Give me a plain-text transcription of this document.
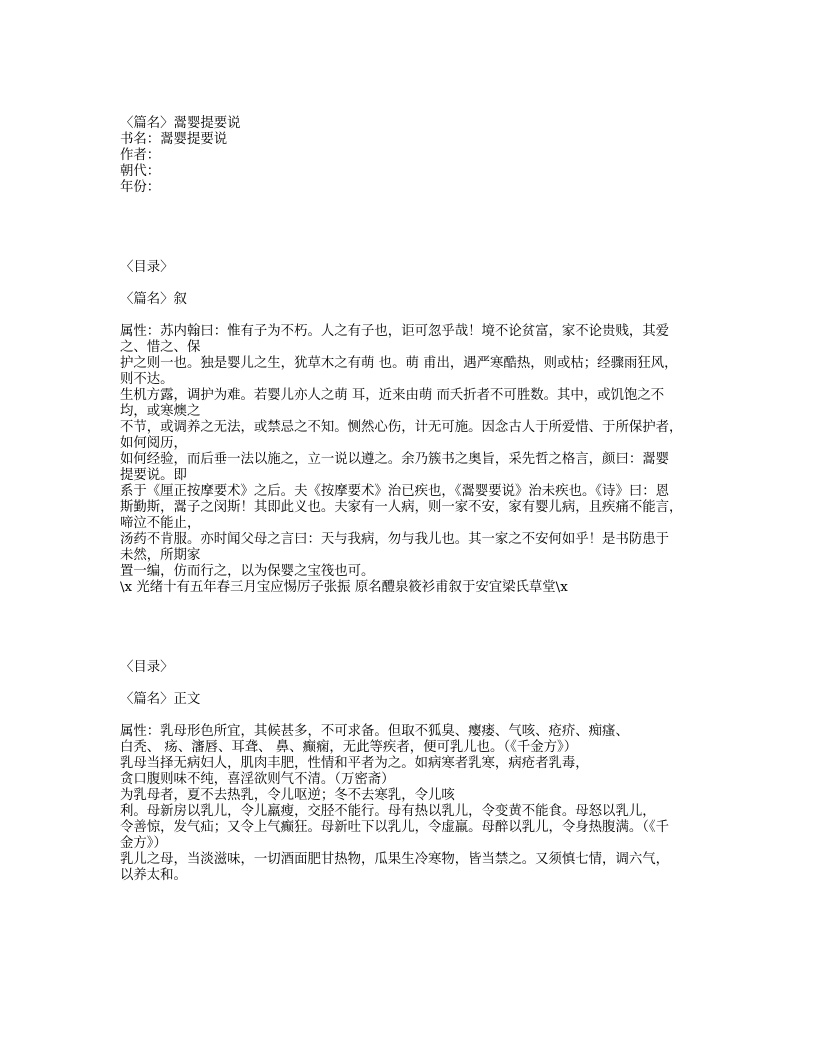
〈篇名〉翯婴提要说
书名：翯婴提要说
作者：
朝代：
年份：
〈目录〉
〈篇名〉叙
属性：苏内翰曰：惟有子为不朽。人之有子也，讵可忽乎哉！境不论贫富，家不论贵贱，其爱
之、惜之、保
护之则一也。独是婴儿之生，犹草木之有萌 也。萌 甫出，遇严寒酷热，则或枯；经骤雨狂风，
则不达。
生机方露，调护为难。若婴儿亦人之萌 耳，近来由萌 而夭折者不可胜数。其中，或饥饱之不
均，或寒燠之
不节，或调养之无法，或禁忌之不知。恻然心伤，计无可施。因念古人于所爱惜、于所保护者，
如何阅历，
如何经验，而后垂一法以施之，立一说以遵之。余乃簇书之奥旨，采先哲之格言，颜曰：翯婴
提要说。即
系于《厘正按摩要术》之后。夫《按摩要术》治已疾也，《翯婴要说》治未疾也。《诗》曰：恩
斯勤斯，翯子之闵斯！其即此义也。夫家有一人病，则一家不安，家有婴儿病，且疾痛不能言，
啼泣不能止，
汤药不肯服。亦时闻父母之言曰：天与我病，勿与我儿也。其一家之不安何如乎！是书防患于
未然，所期家
置一编，仿而行之，以为保婴之宝筏也可。
\x 光绪十有五年春三月宝应惕厉子张振 原名醴泉筱衫甫叙于安宜梁氏草堂\x
〈目录〉
〈篇名〉正文
属性：乳母形色所宜，其候甚多，不可求备。但取不狐臭、瘿瘘、气咳、疮疥、痴瘙、
白秃、 疡、瀋唇、耳聋、 鼻、癫痫，无此等疾者，便可乳儿也。（《千金方》）
乳母当择无病妇人，肌肉丰肥，性情和平者为之。如病寒者乳寒，病疮者乳毒，
贪口腹则味不纯，喜淫欲则气不清。（万密斋）
为乳母者，夏不去热乳，令儿呕逆；冬不去寒乳，令儿咳
利。母新房以乳儿，令儿羸瘦，交胫不能行。母有热以乳儿，令变黄不能食。母怒以乳儿，
令善惊，发气疝；又令上气癫狂。母新吐下以乳儿，令虚羸。母醉以乳儿，令身热腹满。（《千
金方》）
乳儿之母，当淡滋味，一切酒面肥甘热物，瓜果生冷寒物，皆当禁之。又须慎七情，调六气，
以养太和。
